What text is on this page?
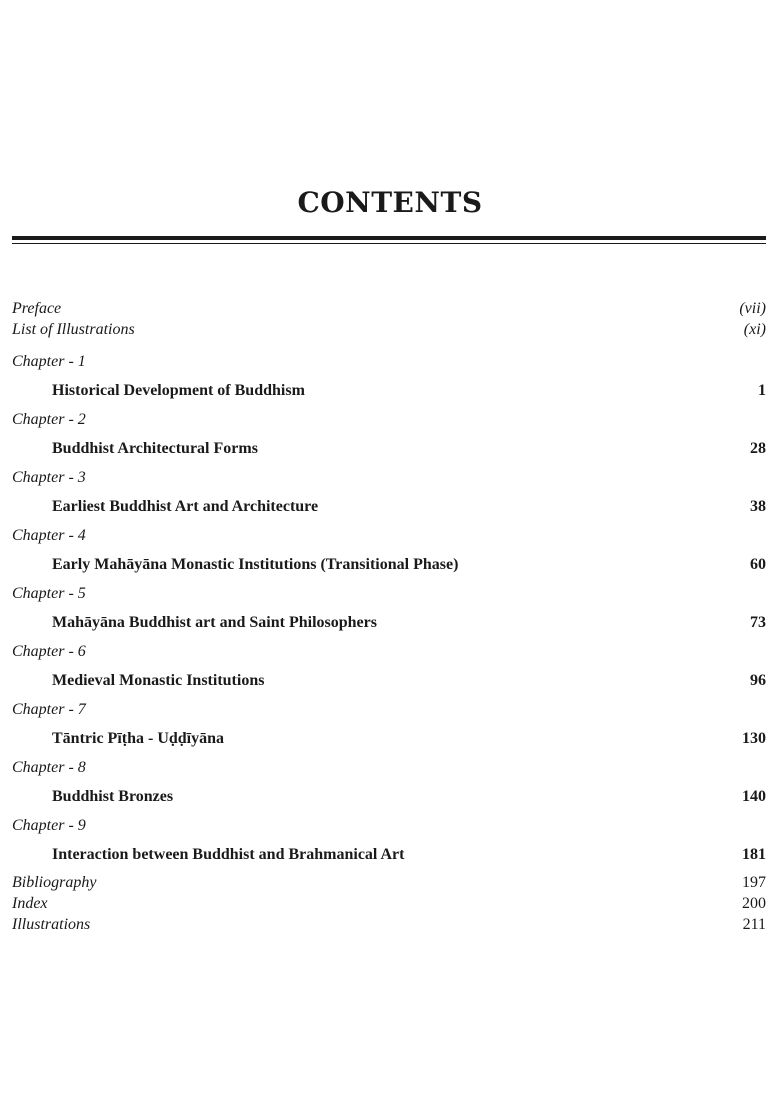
CONTENTS
Preface	(vii)
List of Illustrations	(xi)
Chapter - 1
Historical Development of Buddhism	1
Chapter - 2
Buddhist Architectural Forms	28
Chapter - 3
Earliest Buddhist Art and Architecture	38
Chapter - 4
Early Mahāyāna Monastic Institutions (Transitional Phase)	60
Chapter - 5
Mahāyāna Buddhist art and Saint Philosophers	73
Chapter - 6
Medieval Monastic Institutions	96
Chapter - 7
Tāntric Pīṭha - Uḍḍīyāna	130
Chapter - 8
Buddhist Bronzes	140
Chapter - 9
Interaction between Buddhist and Brahmanical Art	181
Bibliography	197
Index	200
Illustrations	211
